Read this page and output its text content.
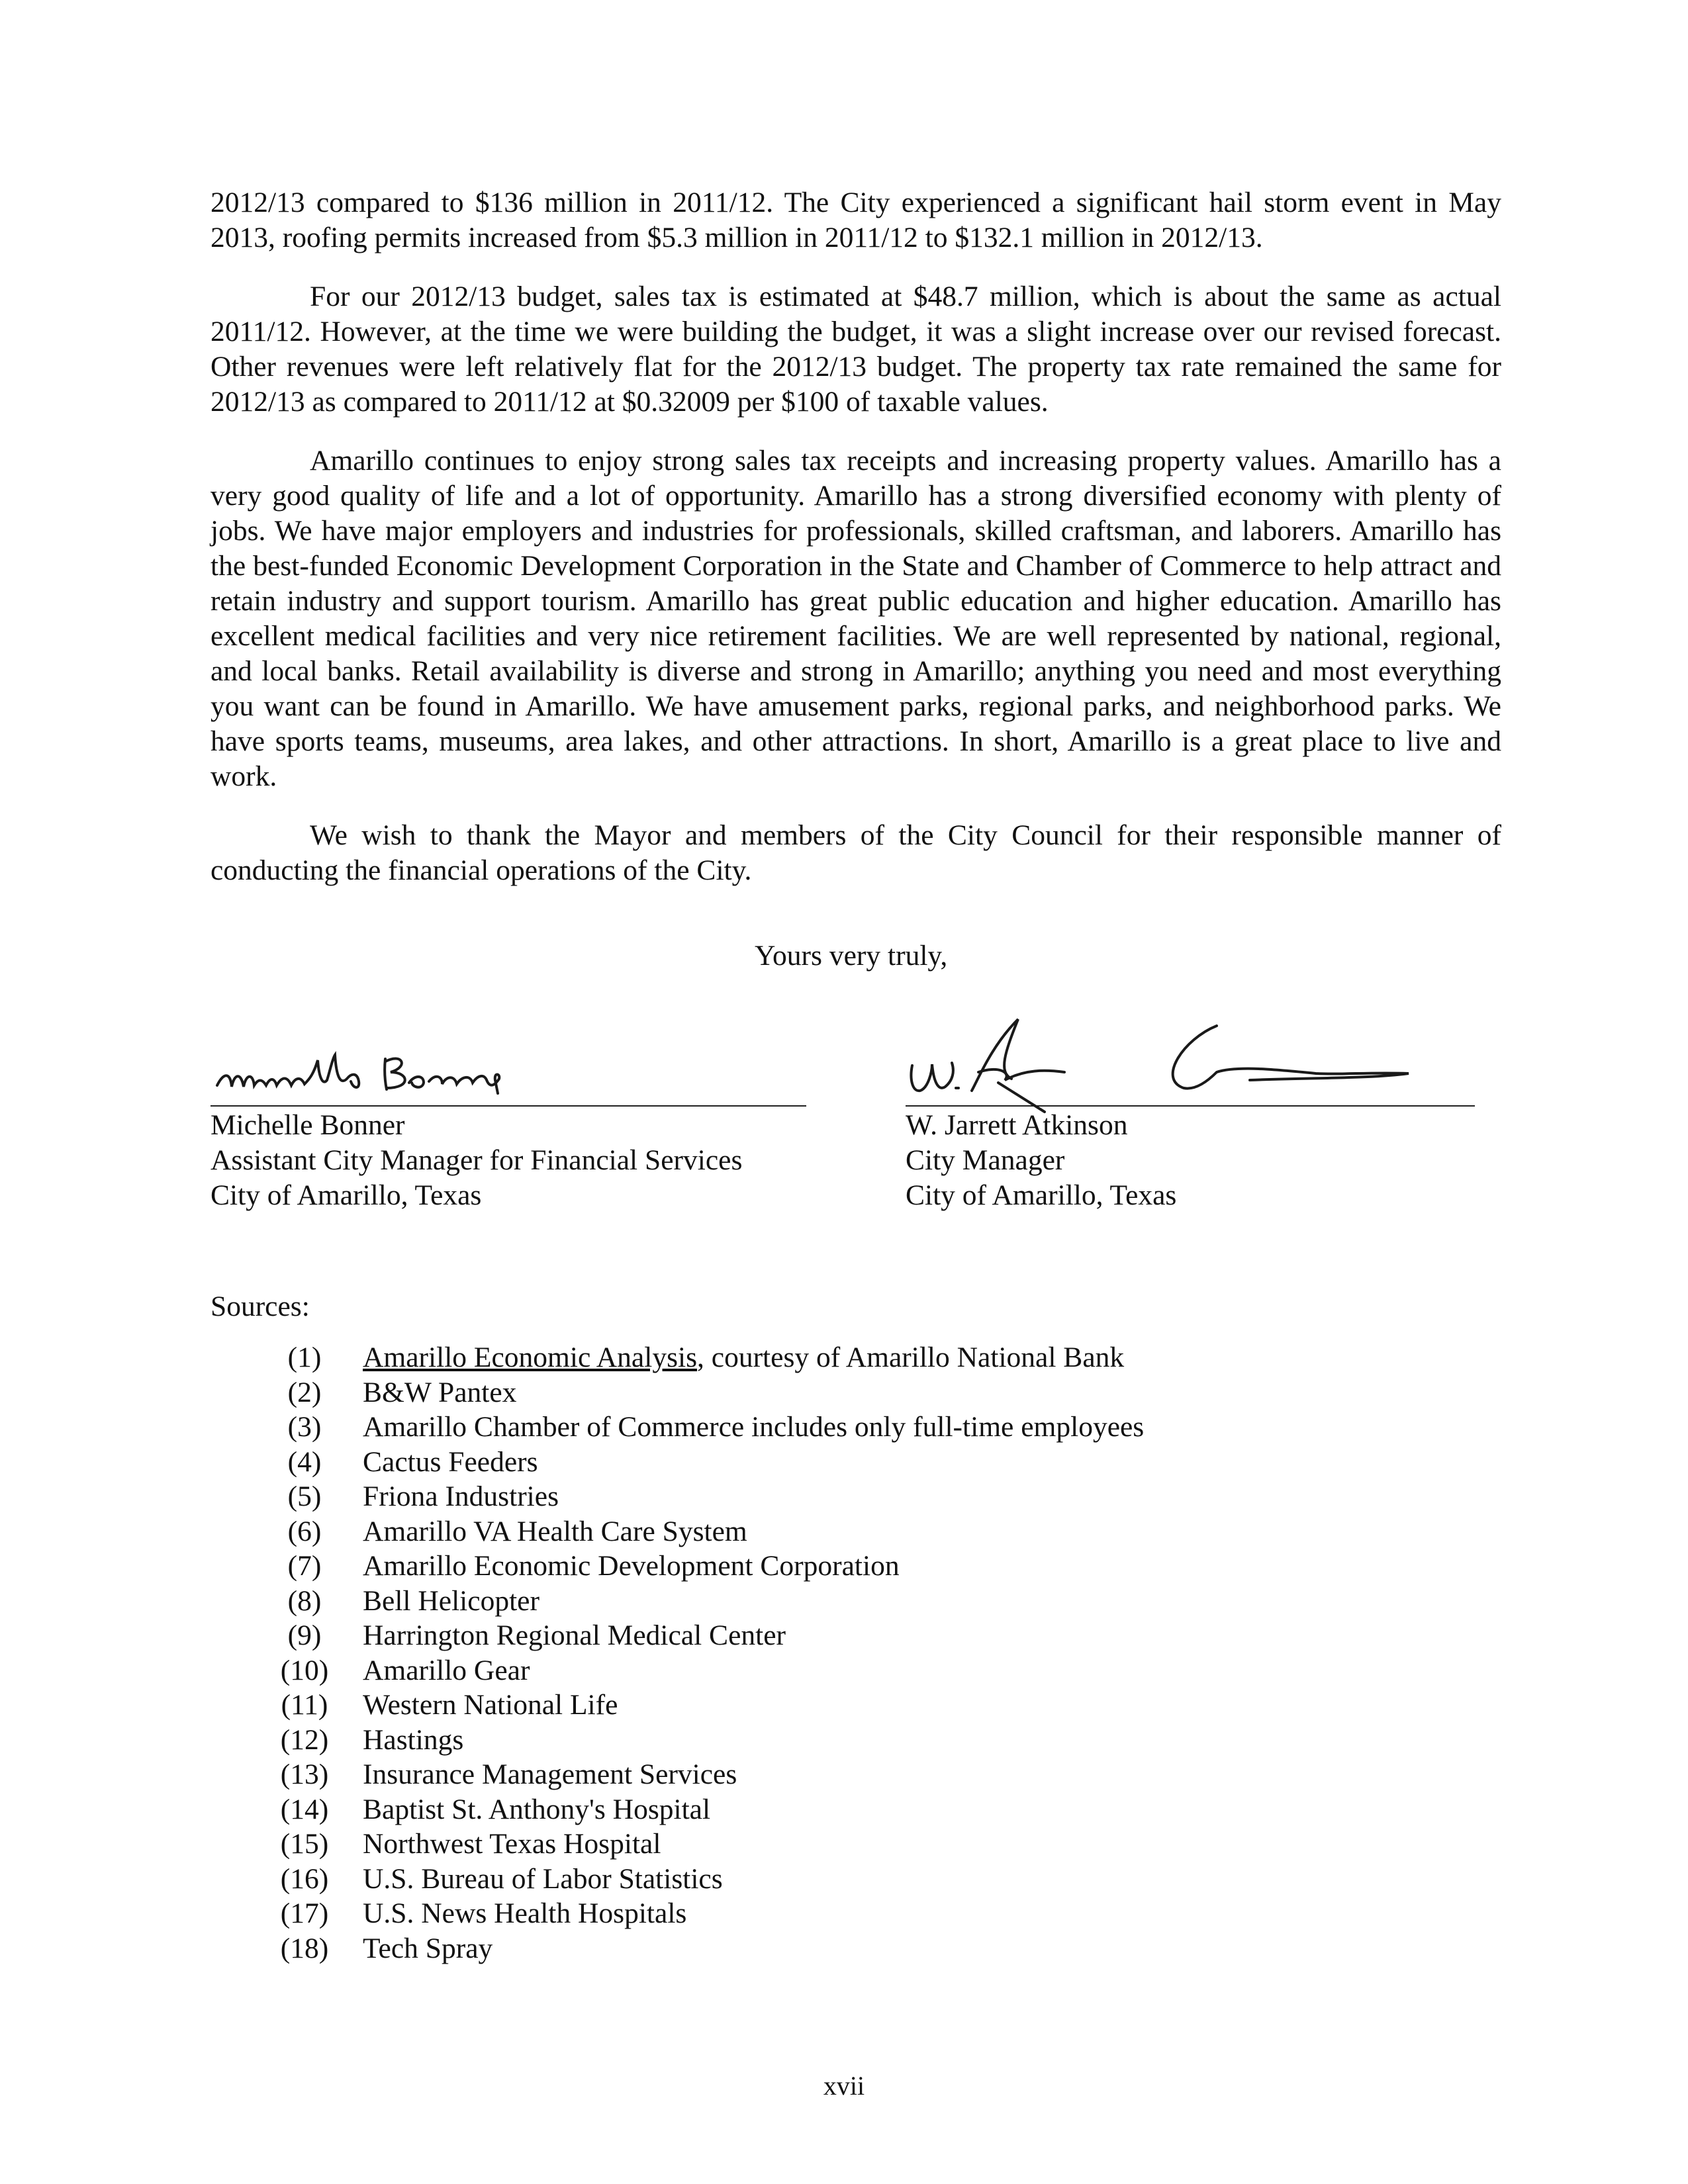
2012/13 compared to $136 million in 2011/12. The City experienced a significant hail storm event in May 2013, roofing permits increased from $5.3 million in 2011/12 to $132.1 million in 2012/13.

For our 2012/13 budget, sales tax is estimated at $48.7 million, which is about the same as actual 2011/12. However, at the time we were building the budget, it was a slight increase over our revised forecast. Other revenues were left relatively flat for the 2012/13 budget. The property tax rate remained the same for 2012/13 as compared to 2011/12 at $0.32009 per $100 of taxable values.

Amarillo continues to enjoy strong sales tax receipts and increasing property values. Amarillo has a very good quality of life and a lot of opportunity. Amarillo has a strong diversified economy with plenty of jobs. We have major employers and industries for professionals, skilled craftsman, and laborers. Amarillo has the best-funded Economic Development Corporation in the State and Chamber of Commerce to help attract and retain industry and support tourism. Amarillo has great public education and higher education. Amarillo has excellent medical facilities and very nice retirement facilities. We are well represented by national, regional, and local banks. Retail availability is diverse and strong in Amarillo; anything you need and most everything you want can be found in Amarillo. We have amusement parks, regional parks, and neighborhood parks. We have sports teams, museums, area lakes, and other attractions. In short, Amarillo is a great place to live and work.

We wish to thank the Mayor and members of the City Council for their responsible manner of conducting the financial operations of the City.

Yours very truly,
Michelle Bonner
Assistant City Manager for Financial Services
City of Amarillo, Texas
W. Jarrett Atkinson
City Manager
City of Amarillo, Texas
Sources:
(1)	Amarillo Economic Analysis, courtesy of Amarillo National Bank
(2)	B&W Pantex
(3)	Amarillo Chamber of Commerce includes only full-time employees
(4)	Cactus Feeders
(5)	Friona Industries
(6)	Amarillo VA Health Care System
(7)	Amarillo Economic Development Corporation
(8)	Bell Helicopter
(9)	Harrington Regional Medical Center
(10)	Amarillo Gear
(11)	Western National Life
(12)	Hastings
(13)	Insurance Management Services
(14)	Baptist St. Anthony's Hospital
(15)	Northwest Texas Hospital
(16)	U.S. Bureau of Labor Statistics
(17)	U.S. News Health Hospitals
(18)	Tech Spray
xvii
